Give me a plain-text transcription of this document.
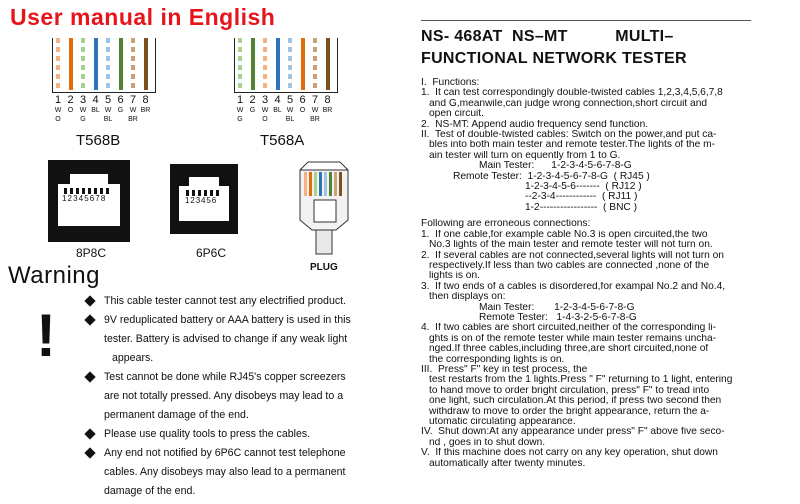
User manual in English
1
W
O
2
O
3
W
G
4
BL
5
W
BL
6
G
7
W
BR
8
BR
T568B
1
W
G
2
G
3
W
O
4
BL
5
W
BL
6
O
7
W
BR
8
BR
T568A
12345678
8P8C
123456
6P6C
PLUG
Warning
!
This cable tester cannot test any electrified product.
9V reduplicated battery or AAA battery is used in this
tester. Battery is advised to change if any weak light
appears.
Test cannot be done while RJ45's copper screezers
are not totally pressed. Any disobeys may lead to a
permanent damage of the end.
Please use quality tools to press the cables.
Any end not notified by 6P6C cannot test telephone
cables. Any disobeys may also lead to a permanent
damage of the end.
NS- 468AT  NS–MT          MULTI–
FUNCTIONAL NETWORK TESTER
I.  Functions:
1.  It can test correspondingly double-twisted cables 1,2,3,4,5,6,7,8
and G,meanwile,can judge wrong connection,short circuit and
open circuit.
2.  NS-MT: Append audio frequency send function.
II.  Test of double-twisted cables: Switch on the power,and put ca-
bles into both main tester and remote tester.The lights of the m-
ain tester will turn on equently from 1 to G.
Main Tester:      1-2-3-4-5-6-7-8-G
Remote Tester:  1-2-3-4-5-6-7-8-G  ( RJ45 )
1-2-3-4-5-6-------  ( RJ12 )
--2-3-4------------  ( RJ11 )
1-2-----------------  ( BNC )
Following are erroneous connections:
1.  If one cable,for example cable No.3 is open circuited,the two
No.3 lights of the main tester and remote tester will not turn on.
2.  If several cables are not connected,several lights will not turn on
respectively.If less than two cables are connected ,none of the
lights is on.
3.  If two ends of a cables is disordered,for exampal No.2 and No.4,
then displays on:
Main Tester:       1-2-3-4-5-6-7-8-G
Remote Tester:   1-4-3-2-5-6-7-8-G
4.  If two cables are short circuited,neither of the corresponding li-
ghts is on of the remote tester while main tester remains uncha-
nged.If three cables,including three,are short circuited,none of
the corresponding lights is on.
III.  Press" F" key in test process, the
test restarts from the 1 lights.Press " F" returning to 1 light, entering
to hand move to order bright circulation, press" F" to tread into
one light, such circulation.At this period, if press two second then
withdraw to move to order the bright appearance, return the a-
utomatic circulating appearance.
IV.  Shut down:At any appearance under press" F" above five seco-
nd , goes in to shut down.
V.  If this machine does not carry on any key operation, shut down
automatically after twenty minutes.
